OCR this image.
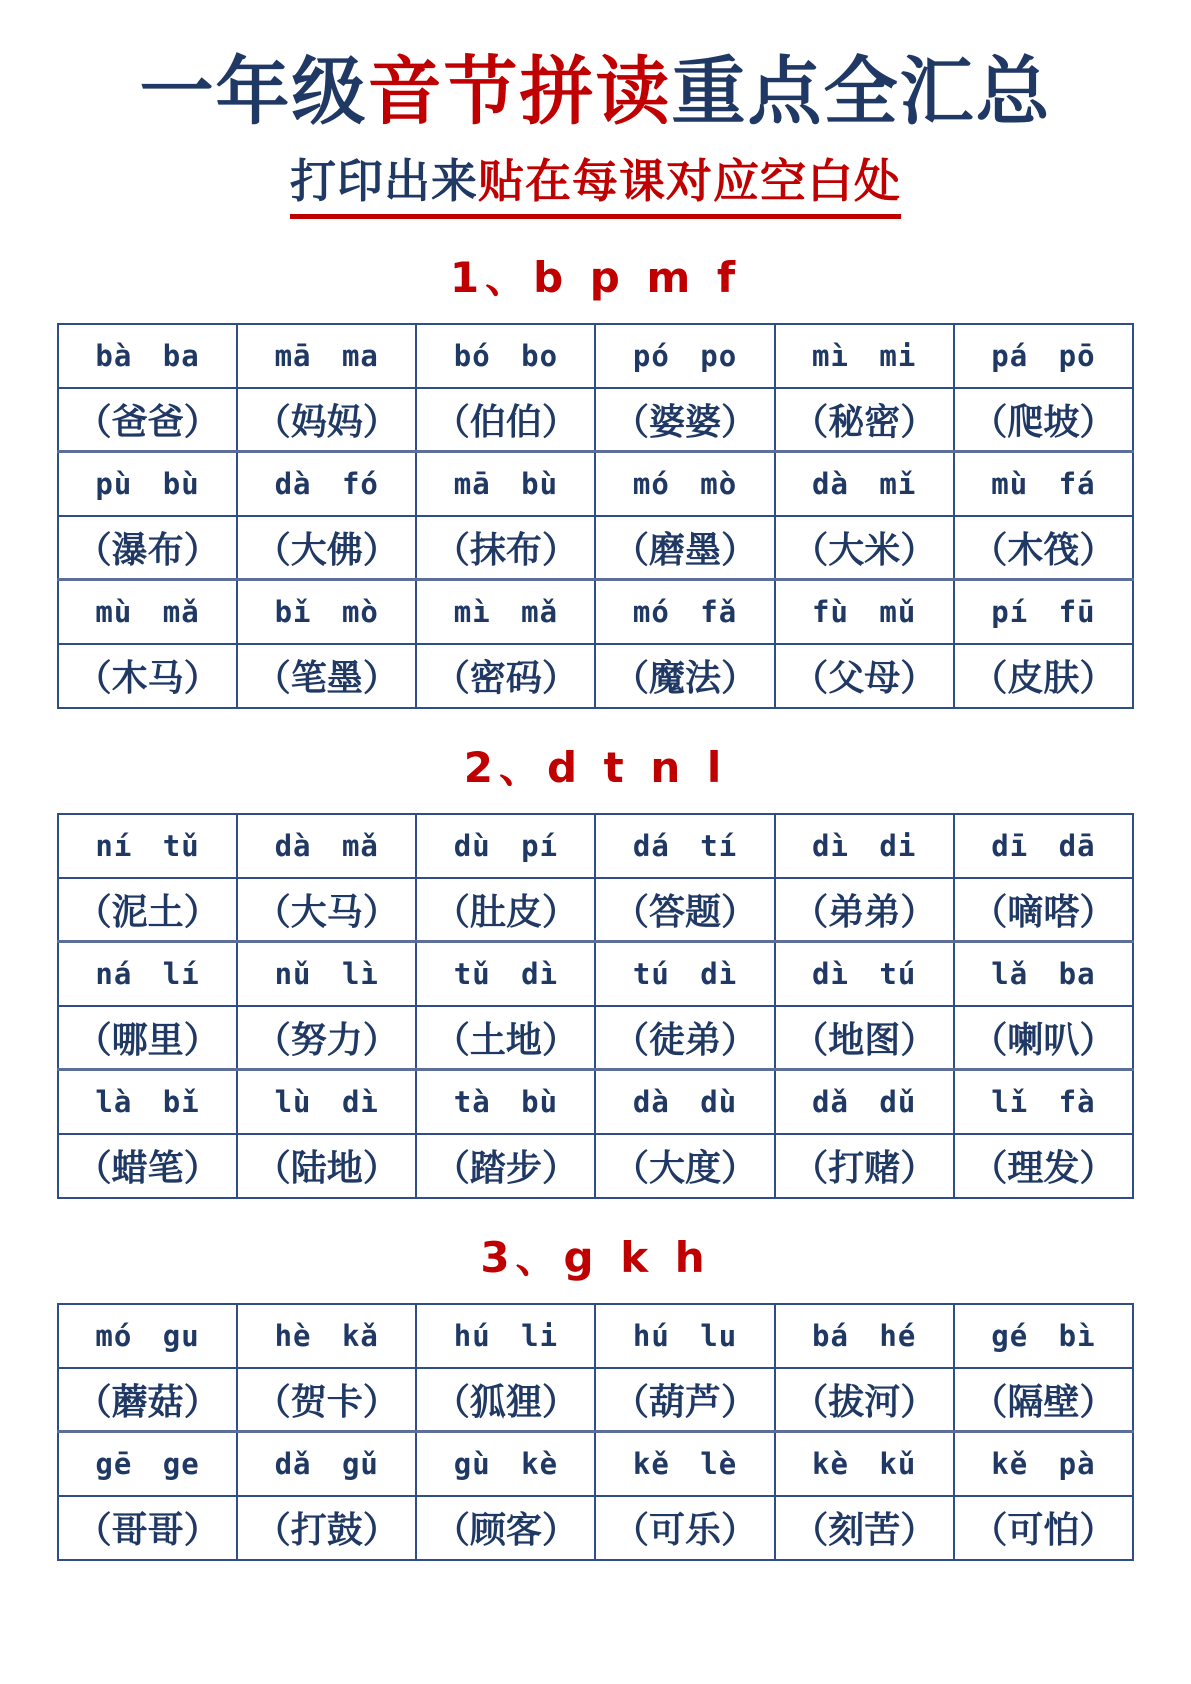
一年级音节拼读重点全汇总
打印出来贴在每课对应空白处
1、b p m f
bà ba	mā ma	bó bo	pó po	mì mi	pá pō
（爸爸）	（妈妈）	（伯伯）	（婆婆）	（秘密）	（爬坡）
pù bù	dà fó	mā bù	mó mò	dà mǐ	mù fá
（瀑布）	（大佛）	（抹布）	（磨墨）	（大米）	（木筏）
mù mǎ	bǐ mò	mì mǎ	mó fǎ	fù mǔ	pí fū
（木马）	（笔墨）	（密码）	（魔法）	（父母）	（皮肤）
2、d t n l
ní tǔ	dà mǎ	dù pí	dá tí	dì di	dī dā
（泥土）	（大马）	（肚皮）	（答题）	（弟弟）	（嘀嗒）
ná lí	nǔ lì	tǔ dì	tú dì	dì tú	lǎ ba
（哪里）	（努力）	（土地）	（徒弟）	（地图）	（喇叭）
là bǐ	lù dì	tà bù	dà dù	dǎ dǔ	lǐ fà
（蜡笔）	（陆地）	（踏步）	（大度）	（打赌）	（理发）
3、g k h
mó gu	hè kǎ	hú li	hú lu	bá hé	gé bì
（蘑菇）	（贺卡）	（狐狸）	（葫芦）	（拔河）	（隔壁）
gē ge	dǎ gǔ	gù kè	kě lè	kè kǔ	kě pà
（哥哥）	（打鼓）	（顾客）	（可乐）	（刻苦）	（可怕）
